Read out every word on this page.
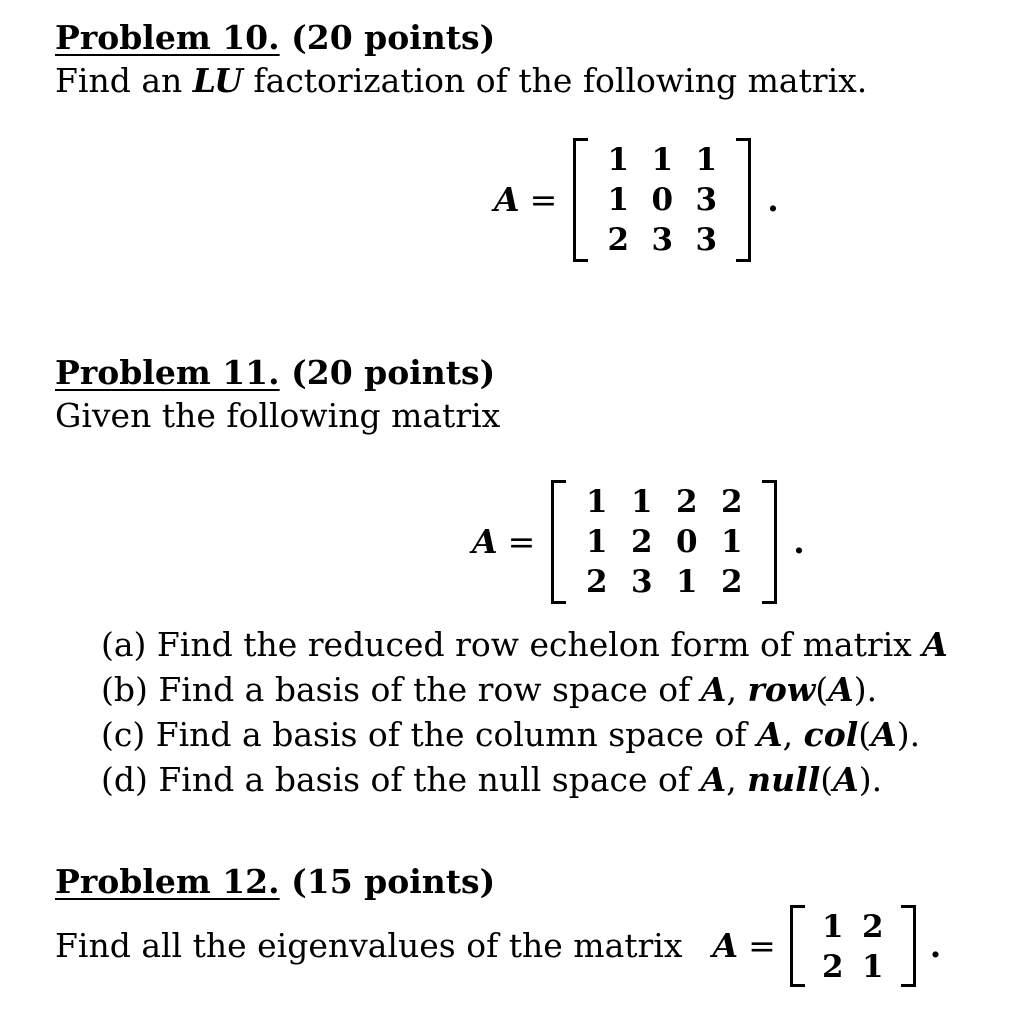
Problem 10. (20 points)
Find an LU factorization of the following matrix.
A =
1 1 1
1 0 3
2 3 3
.
Problem 11. (20 points)
Given the following matrix
A =
1 1 2 2
1 2 0 1
2 3 1 2
.
(a) Find the reduced row echelon form of matrix A
(b) Find a basis of the row space of A, row(A).
(c) Find a basis of the column space of A, col(A).
(d) Find a basis of the null space of A, null(A).
Problem 12. (15 points)
Find all the eigenvalues of the matrix A = 1 2
2 1
.
